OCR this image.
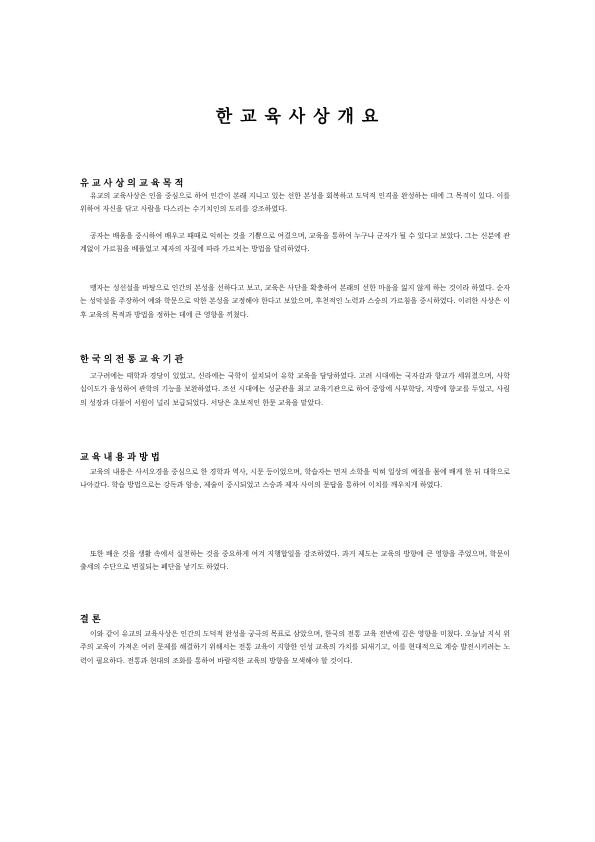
한 교 육 사 상 개 요
유 교 사 상 의 교 육 목 적

유교의 교육사상은 인을 중심으로 하여 인간이 본래 지니고 있는 선한 본성을 회복하고 도덕적 인격을 완성하는 데에 그 목적이 있다. 이를 위하여 자신을 닦고 사람을 다스리는 수기치인의 도리를 강조하였다.

공자는 배움을 중시하여 배우고 때때로 익히는 것을 기쁨으로 여겼으며, 교육을 통하여 누구나 군자가 될 수 있다고 보았다. 그는 신분에 관계없이 가르침을 베풀었고 제자의 자질에 따라 가르치는 방법을 달리하였다.

맹자는 성선설을 바탕으로 인간의 본성을 선하다고 보고, 교육은 사단을 확충하여 본래의 선한 마음을 잃지 않게 하는 것이라 하였다. 순자는 성악설을 주장하여 예와 학문으로 악한 본성을 교정해야 한다고 보았으며, 후천적인 노력과 스승의 가르침을 중시하였다. 이러한 사상은 이후 교육의 목적과 방법을 정하는 데에 큰 영향을 끼쳤다.

한 국 의 전 통 교 육 기 관

고구려에는 태학과 경당이 있었고, 신라에는 국학이 설치되어 유학 교육을 담당하였다. 고려 시대에는 국자감과 향교가 세워졌으며, 사학 십이도가 융성하여 관학의 기능을 보완하였다. 조선 시대에는 성균관을 최고 교육기관으로 하여 중앙에 사부학당, 지방에 향교를 두었고, 사림의 성장과 더불어 서원이 널리 보급되었다. 서당은 초보적인 한문 교육을 맡았다.

교 육 내 용 과 방 법

교육의 내용은 사서오경을 중심으로 한 경학과 역사, 시문 등이었으며, 학습자는 먼저 소학을 익혀 일상의 예절을 몸에 배게 한 뒤 대학으로 나아갔다. 학습 방법으로는 강독과 암송, 제술이 중시되었고 스승과 제자 사이의 문답을 통하여 이치를 깨우치게 하였다.

또한 배운 것을 생활 속에서 실천하는 것을 중요하게 여겨 지행합일을 강조하였다. 과거 제도는 교육의 방향에 큰 영향을 주었으며, 학문이 출세의 수단으로 변질되는 폐단을 낳기도 하였다.

결 론

이와 같이 유교의 교육사상은 인간의 도덕적 완성을 궁극의 목표로 삼았으며, 한국의 전통 교육 전반에 깊은 영향을 미쳤다. 오늘날 지식 위주의 교육이 가져온 여러 문제를 해결하기 위해서는 전통 교육이 지향한 인성 교육의 가치를 되새기고, 이를 현대적으로 계승 발전시키려는 노력이 필요하다. 전통과 현대의 조화를 통하여 바람직한 교육의 방향을 모색해야 할 것이다.
